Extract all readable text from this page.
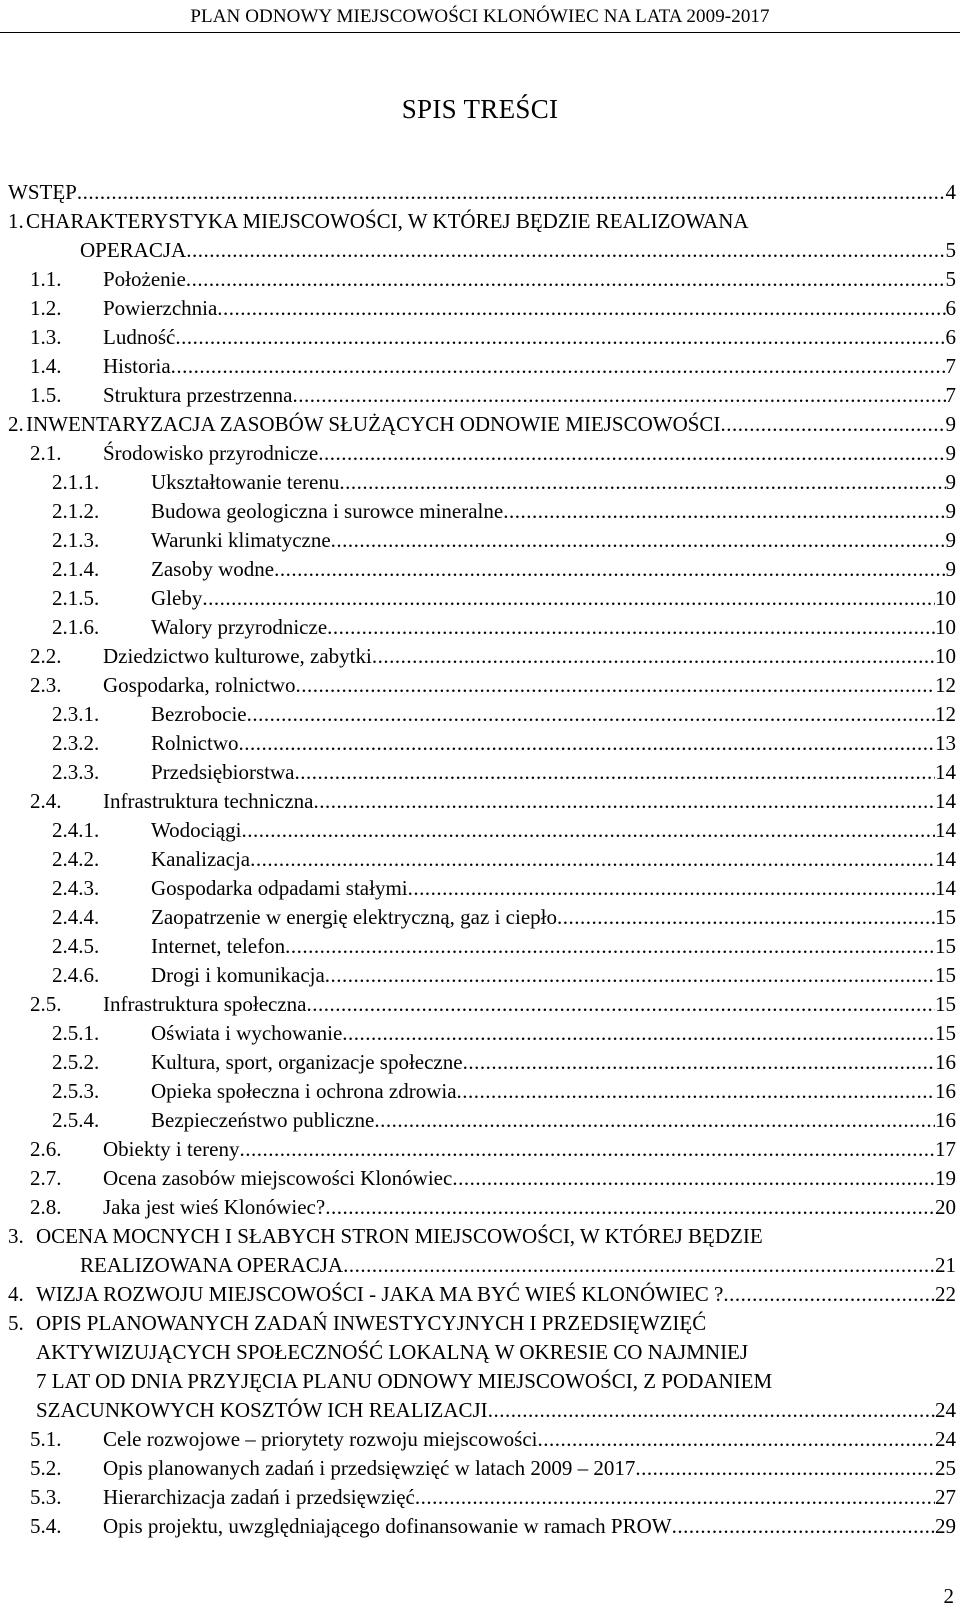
PLAN ODNOWY MIEJSCOWOŚCI KLONÓWIEC NA LATA 2009-2017
SPIS TREŚCI
WSTĘP .....	4
1. CHARAKTERYSTYKA MIEJSCOWOŚCI, W KTÓREJ BĘDZIE REALIZOWANA
OPERACJA .....	5
1.1. Położenie .....	5
1.2. Powierzchnia .....	6
1.3. Ludność .....	6
1.4. Historia .....	7
1.5. Struktura przestrzenna .....	7
2. INWENTARYZACJA ZASOBÓW SŁUŻĄCYCH ODNOWIE MIEJSCOWOŚCI .....	9
2.1. Środowisko przyrodnicze .....	9
2.1.1. Ukształtowanie terenu .....	9
2.1.2. Budowa geologiczna i surowce mineralne .....	9
2.1.3. Warunki klimatyczne .....	9
2.1.4. Zasoby wodne .....	9
2.1.5. Gleby .....	10
2.1.6. Walory przyrodnicze .....	10
2.2. Dziedzictwo kulturowe, zabytki .....	10
2.3. Gospodarka, rolnictwo .....	12
2.3.1. Bezrobocie .....	12
2.3.2. Rolnictwo .....	13
2.3.3. Przedsiębiorstwa .....	14
2.4. Infrastruktura techniczna .....	14
2.4.1. Wodociągi .....	14
2.4.2. Kanalizacja .....	14
2.4.3. Gospodarka odpadami stałymi .....	14
2.4.4. Zaopatrzenie w energię elektryczną, gaz i ciepło .....	15
2.4.5. Internet, telefon .....	15
2.4.6. Drogi i komunikacja .....	15
2.5. Infrastruktura społeczna .....	15
2.5.1. Oświata i wychowanie .....	15
2.5.2. Kultura, sport, organizacje społeczne .....	16
2.5.3. Opieka społeczna i ochrona zdrowia .....	16
2.5.4. Bezpieczeństwo publiczne .....	16
2.6. Obiekty i tereny .....	17
2.7. Ocena zasobów miejscowości Klonówiec .....	19
2.8. Jaka jest wieś Klonówiec? .....	20
3. OCENA MOCNYCH I SŁABYCH STRON MIEJSCOWOŚCI, W KTÓREJ BĘDZIE
REALIZOWANA OPERACJA .....	21
4. WIZJA ROZWOJU MIEJSCOWOŚCI - JAKA MA BYĆ WIEŚ KLONÓWIEC ? .....	22
5. OPIS PLANOWANYCH ZADAŃ INWESTYCYJNYCH I PRZEDSIĘWZIĘĆ
AKTYWIZUJĄCYCH SPOŁECZNOŚĆ LOKALNĄ W OKRESIE CO NAJMNIEJ
7 LAT OD DNIA PRZYJĘCIA PLANU ODNOWY MIEJSCOWOŚCI, Z PODANIEM
SZACUNKOWYCH KOSZTÓW ICH REALIZACJI .....	24
5.1. Cele rozwojowe – priorytety rozwoju miejscowości .....	24
5.2. Opis planowanych zadań i przedsięwzięć w latach 2009 – 2017 .....	25
5.3. Hierarchizacja zadań i przedsięwzięć .....	27
5.4. Opis projektu, uwzględniającego dofinansowanie w ramach PROW .....	29
2
